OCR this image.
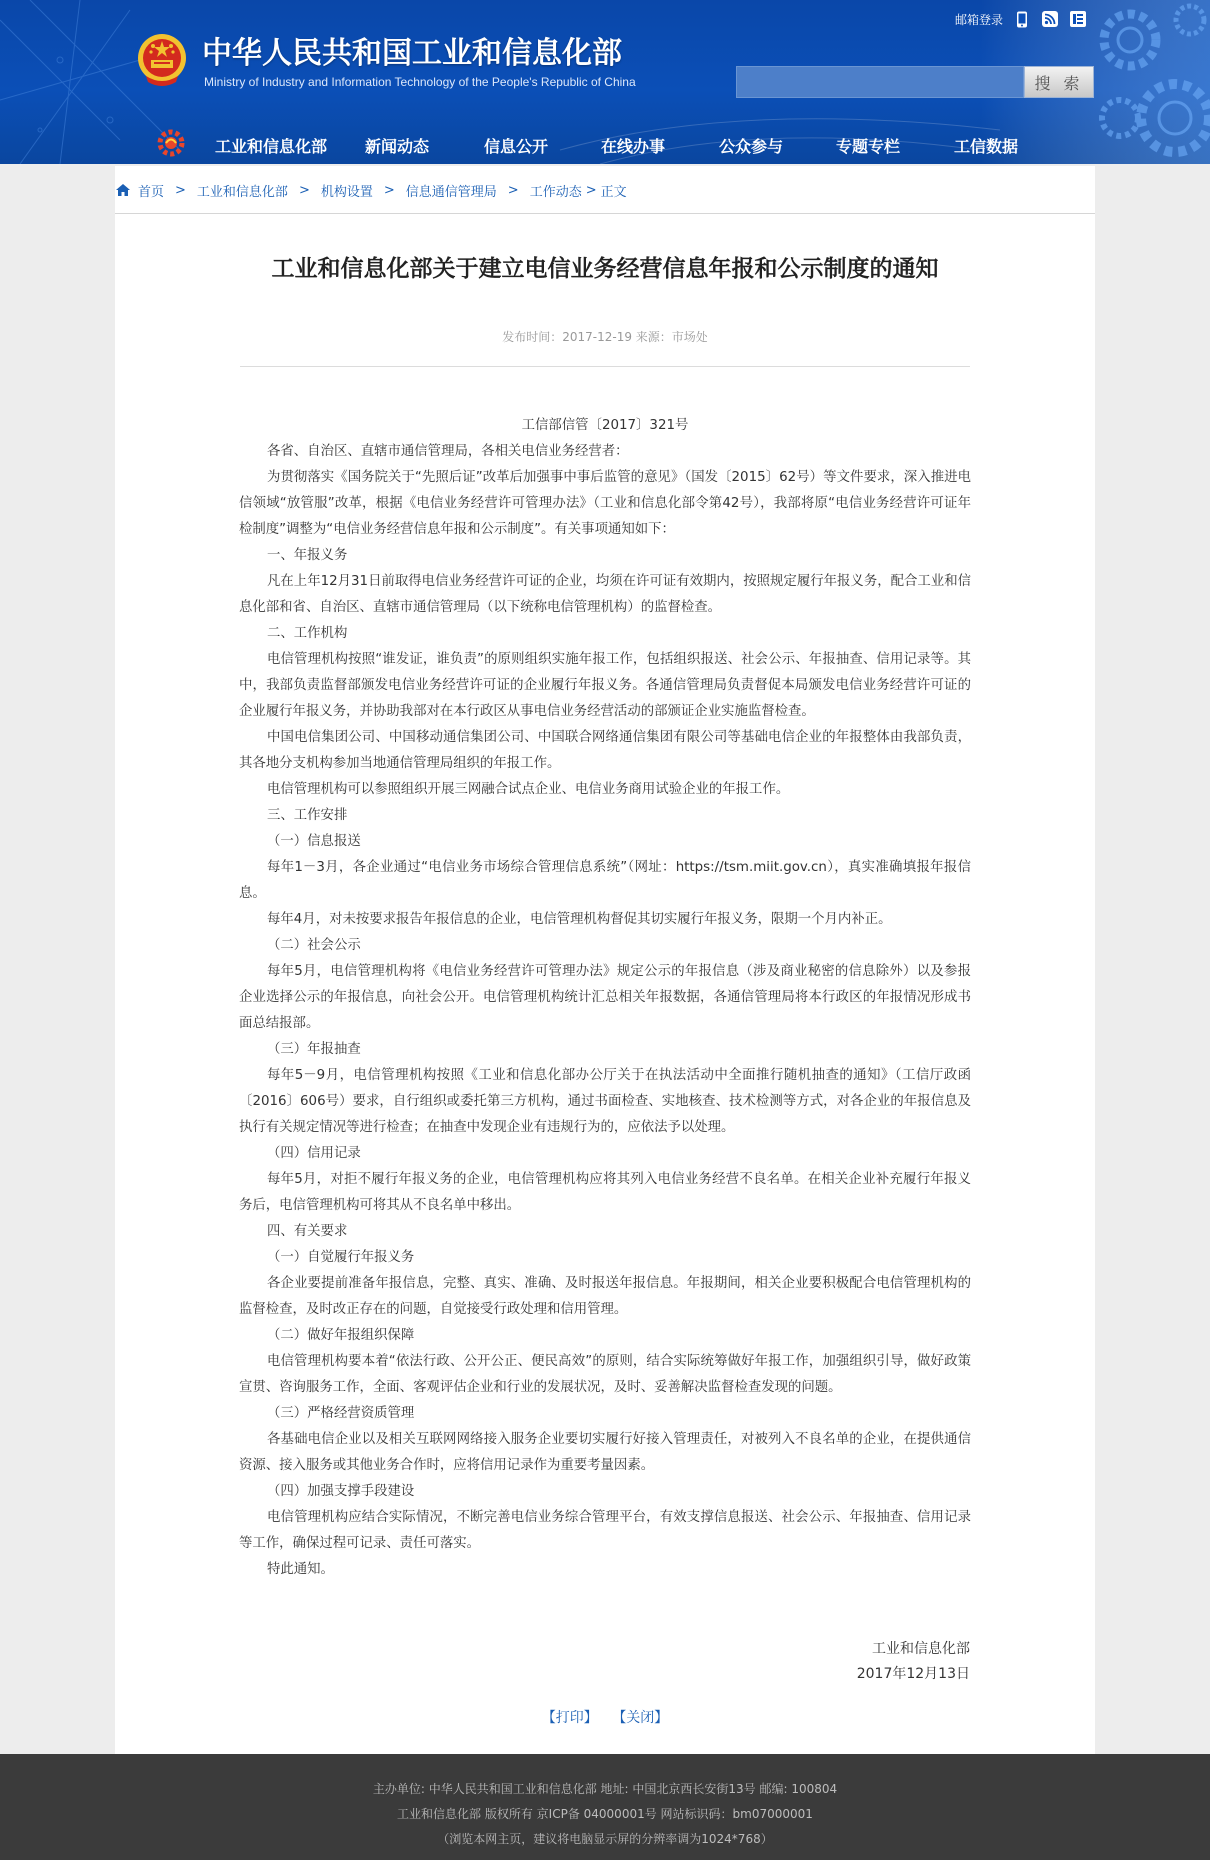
中华人民共和国工业和信息化部
Ministry of Industry and Information Technology of the People's Republic of China
邮箱登录
搜 索
工业和信息化部 新闻动态	信息公开	在线办事	公众参与	专题专栏	工信数据
首页 > 工业和信息化部 > 机构设置 > 信息通信管理局 > 工作动态 > 正文
工业和信息化部关于建立电信业务经营信息年报和公示制度的通知
发布时间：2017-12-19 来源：市场处

工信部信管〔2017〕321号

各省、自治区、直辖市通信管理局，各相关电信业务经营者：

为贯彻落实《国务院关于“先照后证”改革后加强事中事后监管的意见》（国发〔2015〕62号）等文件要求，深入推进电信领域“放管服”改革，根据《电信业务经营许可管理办法》（工业和信息化部令第42号），我部将原“电信业务经营许可证年检制度”调整为“电信业务经营信息年报和公示制度”。有关事项通知如下：

一、年报义务

凡在上年12月31日前取得电信业务经营许可证的企业，均须在许可证有效期内，按照规定履行年报义务，配合工业和信息化部和省、自治区、直辖市通信管理局（以下统称电信管理机构）的监督检查。

二、工作机构

电信管理机构按照“谁发证，谁负责”的原则组织实施年报工作，包括组织报送、社会公示、年报抽查、信用记录等。其中，我部负责监督部颁发电信业务经营许可证的企业履行年报义务。各通信管理局负责督促本局颁发电信业务经营许可证的企业履行年报义务，并协助我部对在本行政区从事电信业务经营活动的部颁证企业实施监督检查。

中国电信集团公司、中国移动通信集团公司、中国联合网络通信集团有限公司等基础电信企业的年报整体由我部负责，其各地分支机构参加当地通信管理局组织的年报工作。

电信管理机构可以参照组织开展三网融合试点企业、电信业务商用试验企业的年报工作。

三、工作安排

（一）信息报送

每年1－3月，各企业通过“电信业务市场综合管理信息系统”（网址：https://tsm.miit.gov.cn），真实准确填报年报信息。

每年4月，对未按要求报告年报信息的企业，电信管理机构督促其切实履行年报义务，限期一个月内补正。

（二）社会公示

每年5月，电信管理机构将《电信业务经营许可管理办法》规定公示的年报信息（涉及商业秘密的信息除外）以及参报企业选择公示的年报信息，向社会公开。电信管理机构统计汇总相关年报数据，各通信管理局将本行政区的年报情况形成书面总结报部。

（三）年报抽查

每年5－9月，电信管理机构按照《工业和信息化部办公厅关于在执法活动中全面推行随机抽查的通知》（工信厅政函〔2016〕606号）要求，自行组织或委托第三方机构，通过书面检查、实地核查、技术检测等方式，对各企业的年报信息及执行有关规定情况等进行检查；在抽查中发现企业有违规行为的，应依法予以处理。

（四）信用记录

每年5月，对拒不履行年报义务的企业，电信管理机构应将其列入电信业务经营不良名单。在相关企业补充履行年报义务后，电信管理机构可将其从不良名单中移出。

四、有关要求

（一）自觉履行年报义务

各企业要提前准备年报信息，完整、真实、准确、及时报送年报信息。年报期间，相关企业要积极配合电信管理机构的监督检查，及时改正存在的问题，自觉接受行政处理和信用管理。

（二）做好年报组织保障

电信管理机构要本着“依法行政、公开公正、便民高效”的原则，结合实际统筹做好年报工作，加强组织引导，做好政策宣贯、咨询服务工作，全面、客观评估企业和行业的发展状况，及时、妥善解决监督检查发现的问题。

（三）严格经营资质管理

各基础电信企业以及相关互联网网络接入服务企业要切实履行好接入管理责任，对被列入不良名单的企业，在提供通信资源、接入服务或其他业务合作时，应将信用记录作为重要考量因素。

（四）加强支撑手段建设

电信管理机构应结合实际情况，不断完善电信业务综合管理平台，有效支撑信息报送、社会公示、年报抽查、信用记录等工作，确保过程可记录、责任可落实。

特此通知。

工业和信息化部
2017年12月13日
【打印】 【关闭】
主办单位: 中华人民共和国工业和信息化部 地址: 中国北京西长安街13号 邮编: 100804
工业和信息化部 版权所有 京ICP备 04000001号 网站标识码：bm07000001
（浏览本网主页，建议将电脑显示屏的分辨率调为1024*768）
